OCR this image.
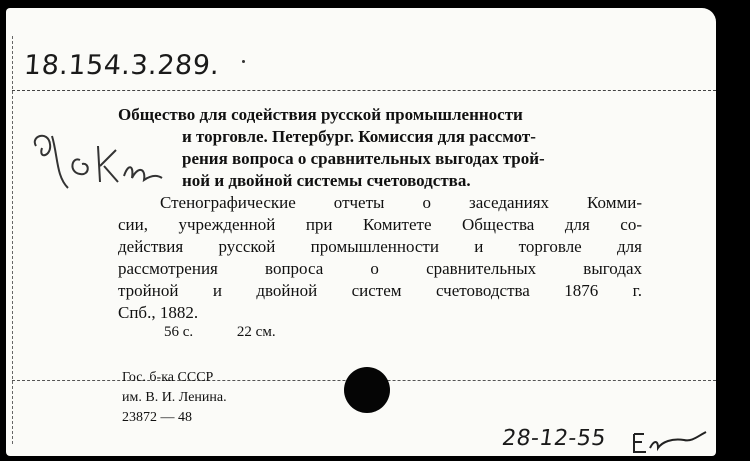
18.154.3.289.
Общество для содействия русской промышленности
и торговле. Петербург. Комиссия для рассмот-
рения вопроса о сравнительных выгодах трой-
ной и двойной системы счетоводства.
Стенографические отчеты о заседаниях Комми-
сии, учрежденной при Комитете Общества для со-
действия русской промышленности и торговле для
рассмотрения вопроса о сравнительных выгодах
тройной и двойной систем счетоводства 1876 г.
Спб., 1882.
56 с.	22 см.
Гос. б-ка СССР
им. В. И. Ленина.
23872 — 48
28-12-55
